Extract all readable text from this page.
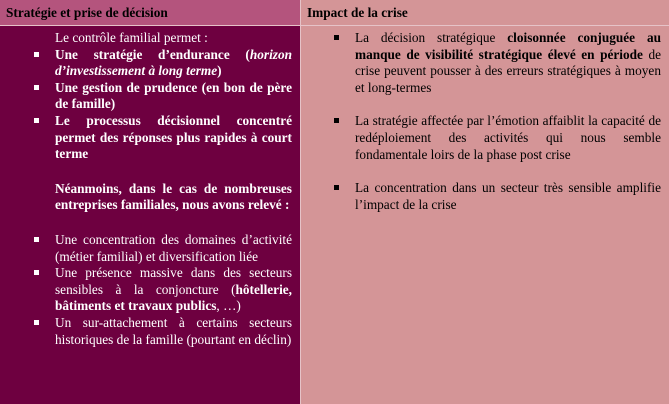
Stratégie et prise de décision	Impact de la crise
Le contrôle familial permet :
Une stratégie d’endurance (horizon d’investissement à long terme)
Une gestion de prudence (en bon de père de famille)
Le processus décisionnel concentré permet des réponses plus rapides à court terme
Néanmoins, dans le cas de nombreuses entreprises familiales, nous avons relevé :
Une concentration des domaines d’activité (métier familial) et diversification liée
Une présence massive dans des secteurs sensibles à la conjoncture (hôtellerie, bâtiments et travaux publics, …)
Un sur-attachement à certains secteurs historiques de la famille (pourtant en déclin)
La décision stratégique cloisonnée conjuguée au manque de visibilité stratégique élevé en période de crise peuvent pousser à des erreurs stratégiques à moyen et long-termes
La stratégie affectée par l’émotion affaiblit la capacité de redéploiement des activités qui nous semble fondamentale loirs de la phase post crise
La concentration dans un secteur très sensible amplifie l’impact de la crise
